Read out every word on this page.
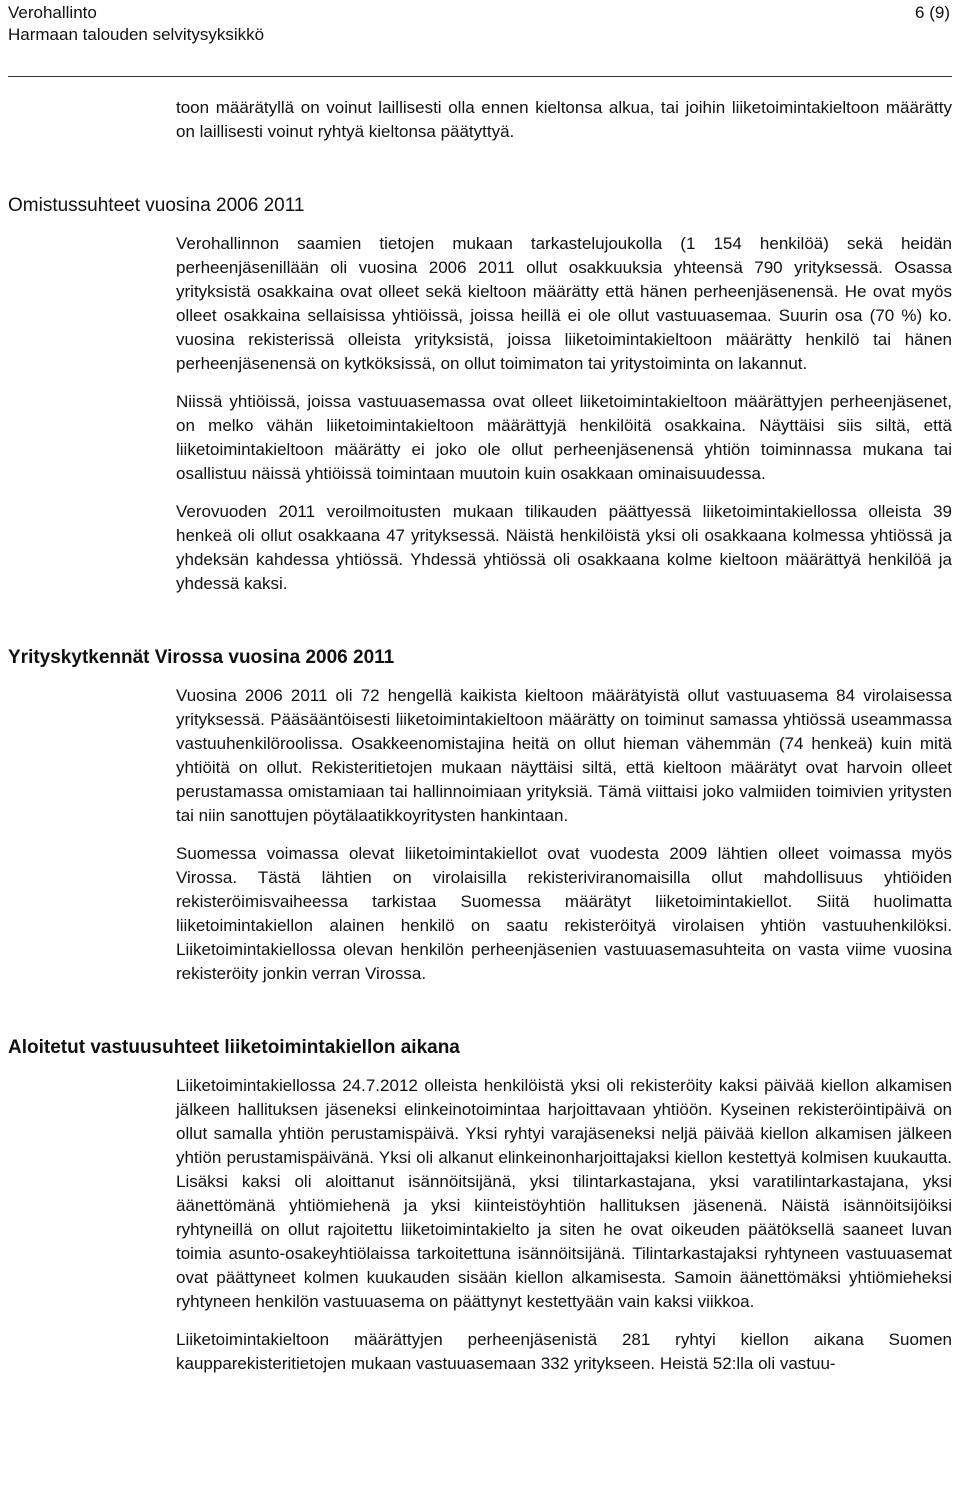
Verohallinto
Harmaan talouden selvitysyksikkö
6 (9)

toon määrätyllä on voinut laillisesti olla ennen kieltonsa alkua, tai joihin liiketoimintakieltoon määrätty on laillisesti voinut ryhtyä kieltonsa päätyttyä.

Omistussuhteet vuosina 2006 2011

Verohallinnon saamien tietojen mukaan tarkastelujoukolla (1 154 henkilöä) sekä heidän perheenjäsenillään oli vuosina 2006 2011 ollut osakkuuksia yhteensä 790 yrityksessä. Osassa yrityksistä osakkaina ovat olleet sekä kieltoon määrätty että hänen perheenjäsenensä. He ovat myös olleet osakkaina sellaisissa yhtiöissä, joissa heillä ei ole ollut vastuuasemaa. Suurin osa (70 %) ko. vuosina rekisterissä olleista yrityksistä, joissa liiketoimintakieltoon määrätty henkilö tai hänen perheenjäsenensä on kytköksissä, on ollut toimimaton tai yritystoiminta on lakannut.

Niissä yhtiöissä, joissa vastuuasemassa ovat olleet liiketoimintakieltoon määrättyjen perheenjäsenet, on melko vähän liiketoimintakieltoon määrättyjä henkilöitä osakkaina. Näyttäisi siis siltä, että liiketoimintakieltoon määrätty ei joko ole ollut perheenjäsenensä yhtiön toiminnassa mukana tai osallistuu näissä yhtiöissä toimintaan muutoin kuin osakkaan ominaisuudessa.

Verovuoden 2011 veroilmoitusten mukaan tilikauden päättyessä liiketoimintakiellossa olleista 39 henkeä oli ollut osakkaana 47 yrityksessä. Näistä henkilöistä yksi oli osakkaana kolmessa yhtiössä ja yhdeksän kahdessa yhtiössä. Yhdessä yhtiössä oli osakkaana kolme kieltoon määrättyä henkilöä ja yhdessä kaksi.

Yrityskytkennät Virossa vuosina 2006 2011

Vuosina 2006 2011 oli 72 hengellä kaikista kieltoon määrätyistä ollut vastuuasema 84 virolaisessa yrityksessä. Pääsääntöisesti liiketoimintakieltoon määrätty on toiminut samassa yhtiössä useammassa vastuuhenkilöroolissa. Osakkeenomistajina heitä on ollut hieman vähemmän (74 henkeä) kuin mitä yhtiöitä on ollut. Rekisteritietojen mukaan näyttäisi siltä, että kieltoon määrätyt ovat harvoin olleet perustamassa omistamiaan tai hallinnoimiaan yrityksiä. Tämä viittaisi joko valmiiden toimivien yritysten tai niin sanottujen pöytälaatikkoyritysten hankintaan.

Suomessa voimassa olevat liiketoimintakiellot ovat vuodesta 2009 lähtien olleet voimassa myös Virossa. Tästä lähtien on virolaisilla rekisteriviranomaisilla ollut mahdollisuus yhtiöiden rekisteröimisvaiheessa tarkistaa Suomessa määrätyt liiketoimintakiellot. Siitä huolimatta liiketoimintakiellon alainen henkilö on saatu rekisteröityä virolaisen yhtiön vastuuhenkilöksi. Liiketoimintakiellossa olevan henkilön perheenjäsenien vastuuasemasuhteita on vasta viime vuosina rekisteröity jonkin verran Virossa.

Aloitetut vastuusuhteet liiketoimintakiellon aikana

Liiketoimintakiellossa 24.7.2012 olleista henkilöistä yksi oli rekisteröity kaksi päivää kiellon alkamisen jälkeen hallituksen jäseneksi elinkeinotoimintaa harjoittavaan yhtiöön. Kyseinen rekisteröintipäivä on ollut samalla yhtiön perustamispäivä. Yksi ryhtyi varajäseneksi neljä päivää kiellon alkamisen jälkeen yhtiön perustamispäivänä. Yksi oli alkanut elinkeinonharjoittajaksi kiellon kestettyä kolmisen kuukautta. Lisäksi kaksi oli aloittanut isännöitsijänä, yksi tilintarkastajana, yksi varatilintarkastajana, yksi äänettömänä yhtiömiehenä ja yksi kiinteistöyhtiön hallituksen jäsenenä. Näistä isännöitsijöiksi ryhtyneillä on ollut rajoitettu liiketoimintakielto ja siten he ovat oikeuden päätöksellä saaneet luvan toimia asunto-osakeyhtiölaissa tarkoitettuna isännöitsijänä. Tilintarkastajaksi ryhtyneen vastuuasemat ovat päättyneet kolmen kuukauden sisään kiellon alkamisesta. Samoin äänettömäksi yhtiömieheksi ryhtyneen henkilön vastuuasema on päättynyt kestettyään vain kaksi viikkoa.

Liiketoimintakieltoon määrättyjen perheenjäsenistä 281 ryhtyi kiellon aikana Suomen kaupparekisteritietojen mukaan vastuuasemaan 332 yritykseen. Heistä 52:lla oli vastuu-
